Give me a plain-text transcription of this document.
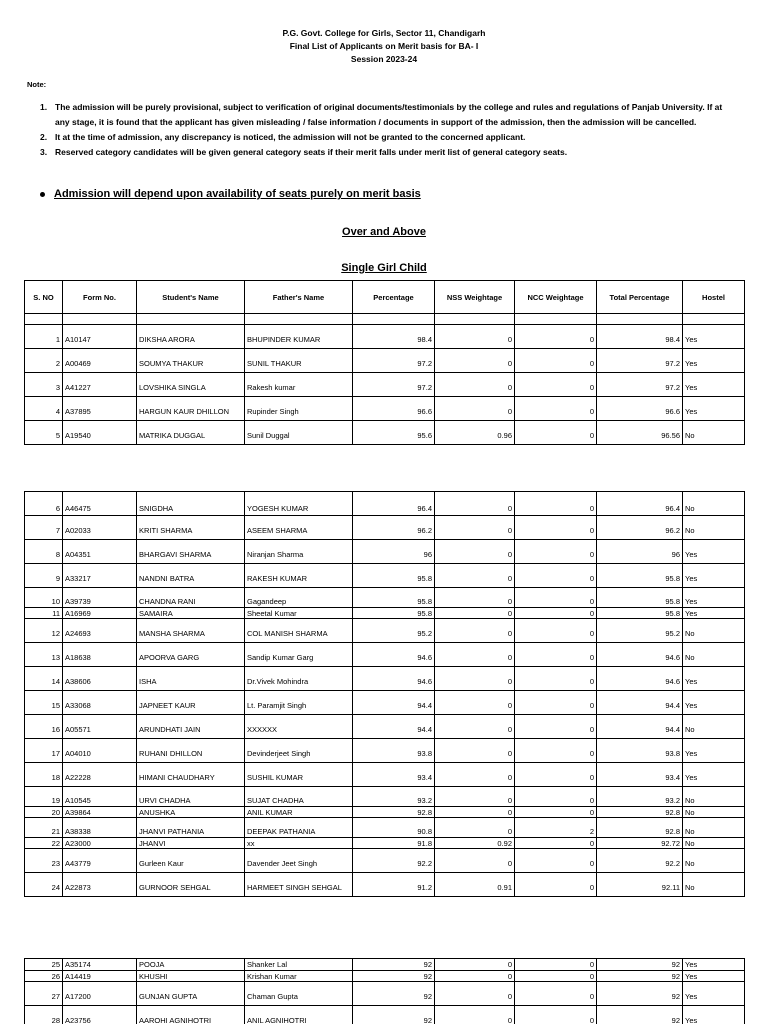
P.G. Govt. College for Girls, Sector 11, Chandigarh
Final List of Applicants on Merit basis for BA- I
Session 2023-24
Note:
1. The admission will be purely provisional, subject to verification of original documents/testimonials by the college and rules and regulations of Panjab University. If at any stage, it is found that the applicant has given misleading / false information / documents in support of the admission, then the admission will be cancelled.
2. It at the time of admission, any discrepancy is noticed, the admission will not be granted to the concerned applicant.
3. Reserved category candidates will be given general category seats if their merit falls under merit list of general category seats.
Admission will depend upon availability of seats purely on merit basis
Over and Above
Single Girl Child
S. NO	Form No.	Student's Name	Father's Name	Percentage	NSS Weightage	NCC Weightage	Total Percentage	Hostel

1	A10147	DIKSHA ARORA	BHUPINDER KUMAR	98.4	0	0	98.4	Yes
2	A00469	SOUMYA THAKUR	SUNIL THAKUR	97.2	0	0	97.2	Yes
3	A41227	LOVSHIKA SINGLA	Rakesh kumar	97.2	0	0	97.2	Yes
4	A37895	HARGUN KAUR DHILLON	Rupinder Singh	96.6	0	0	96.6	Yes
5	A19540	MATRIKA DUGGAL	Sunil Duggal	95.6	0.96	0	96.56	No
6	A46475	SNIGDHA	YOGESH KUMAR	96.4	0	0	96.4	No
7	A02033	KRITI SHARMA	ASEEM SHARMA	96.2	0	0	96.2	No
8	A04351	BHARGAVI SHARMA	Niranjan Sharma	96	0	0	96	Yes
9	A33217	NANDNI BATRA	RAKESH KUMAR	95.8	0	0	95.8	Yes
10	A39739	CHANDNA RANI	Gagandeep	95.8	0	0	95.8	Yes
11	A16969	SAMAIRA	Sheetal Kumar	95.8	0	0	95.8	Yes
12	A24693	MANSHA SHARMA	COL MANISH SHARMA	95.2	0	0	95.2	No
13	A18638	APOORVA GARG	Sandip Kumar Garg	94.6	0	0	94.6	No
14	A38606	ISHA	Dr.Vivek Mohindra	94.6	0	0	94.6	Yes
15	A33068	JAPNEET KAUR	Lt. Paramjit Singh	94.4	0	0	94.4	Yes
16	A05571	ARUNDHATI JAIN	XXXXXX	94.4	0	0	94.4	No
17	A04010	RUHANI DHILLON	Devinderjeet Singh	93.8	0	0	93.8	Yes
18	A22228	HIMANI CHAUDHARY	SUSHIL KUMAR	93.4	0	0	93.4	Yes
19	A10545	URVI CHADHA	SUJAT CHADHA	93.2	0	0	93.2	No
20	A39864	ANUSHKA	ANIL KUMAR	92.8	0	0	92.8	No
21	A38338	JHANVI PATHANIA	DEEPAK PATHANIA	90.8	0	2	92.8	No
22	A23000	JHANVI	xx	91.8	0.92	0	92.72	No
23	A43779	Gurleen Kaur	Davender Jeet Singh	92.2	0	0	92.2	No
24	A22873	GURNOOR SEHGAL	HARMEET SINGH SEHGAL	91.2	0.91	0	92.11	No
25	A35174	POOJA	Shanker Lal	92	0	0	92	Yes
26	A14419	KHUSHI	Krishan Kumar	92	0	0	92	Yes
27	A17200	GUNJAN GUPTA	Chaman Gupta	92	0	0	92	Yes
28	A23756	AAROHI AGNIHOTRI	ANIL AGNIHOTRI	92	0	0	92	Yes
